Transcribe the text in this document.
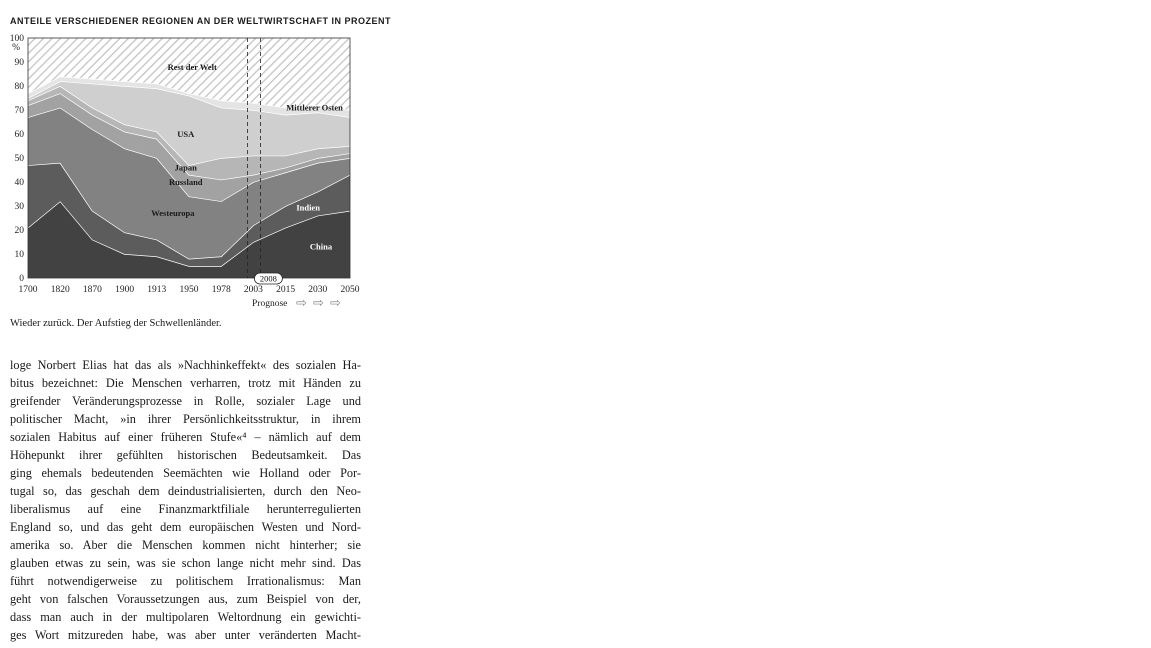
ANTEILE VERSCHIEDENER REGIONEN AN DER WELTWIRTSCHAFT IN PROZENT
0
10
20
30
40
50
60
70
80
90
100
%
1700 1820 1870 1900 1913 1950 1978 2003 2015 2030 2050
China
Indien
Westeuropa
Russland
Japan
USA
Mittlerer Osten
Rest der Welt
2008
Prognose ⇨ ⇨ ⇨
Wieder zurück. Der Aufstieg der Schwellenländer.
loge Norbert Elias hat das als »Nachhinkeffekt« des sozialen Ha-
bitus bezeichnet: Die Menschen verharren, trotz mit Händen zu
greifender Veränderungsprozesse in Rolle, sozialer Lage und
politischer Macht, »in ihrer Persönlichkeitsstruktur, in ihrem
sozialen Habitus auf einer früheren Stufe«⁴ – nämlich auf dem
Höhepunkt ihrer gefühlten historischen Bedeutsamkeit. Das
ging ehemals bedeutenden Seemächten wie Holland oder Por-
tugal so, das geschah dem deindustrialisierten, durch den Neo-
liberalismus auf eine Finanzmarktfiliale herunterregulierten
England so, und das geht dem europäischen Westen und Nord-
amerika so. Aber die Menschen kommen nicht hinterher; sie
glauben etwas zu sein, was sie schon lange nicht mehr sind. Das
führt notwendigerweise zu politischem Irrationalismus: Man
geht von falschen Voraussetzungen aus, zum Beispiel von der,
dass man auch in der multipolaren Weltordnung ein gewichti-
ges Wort mitzureden habe, was aber unter veränderten Macht-
